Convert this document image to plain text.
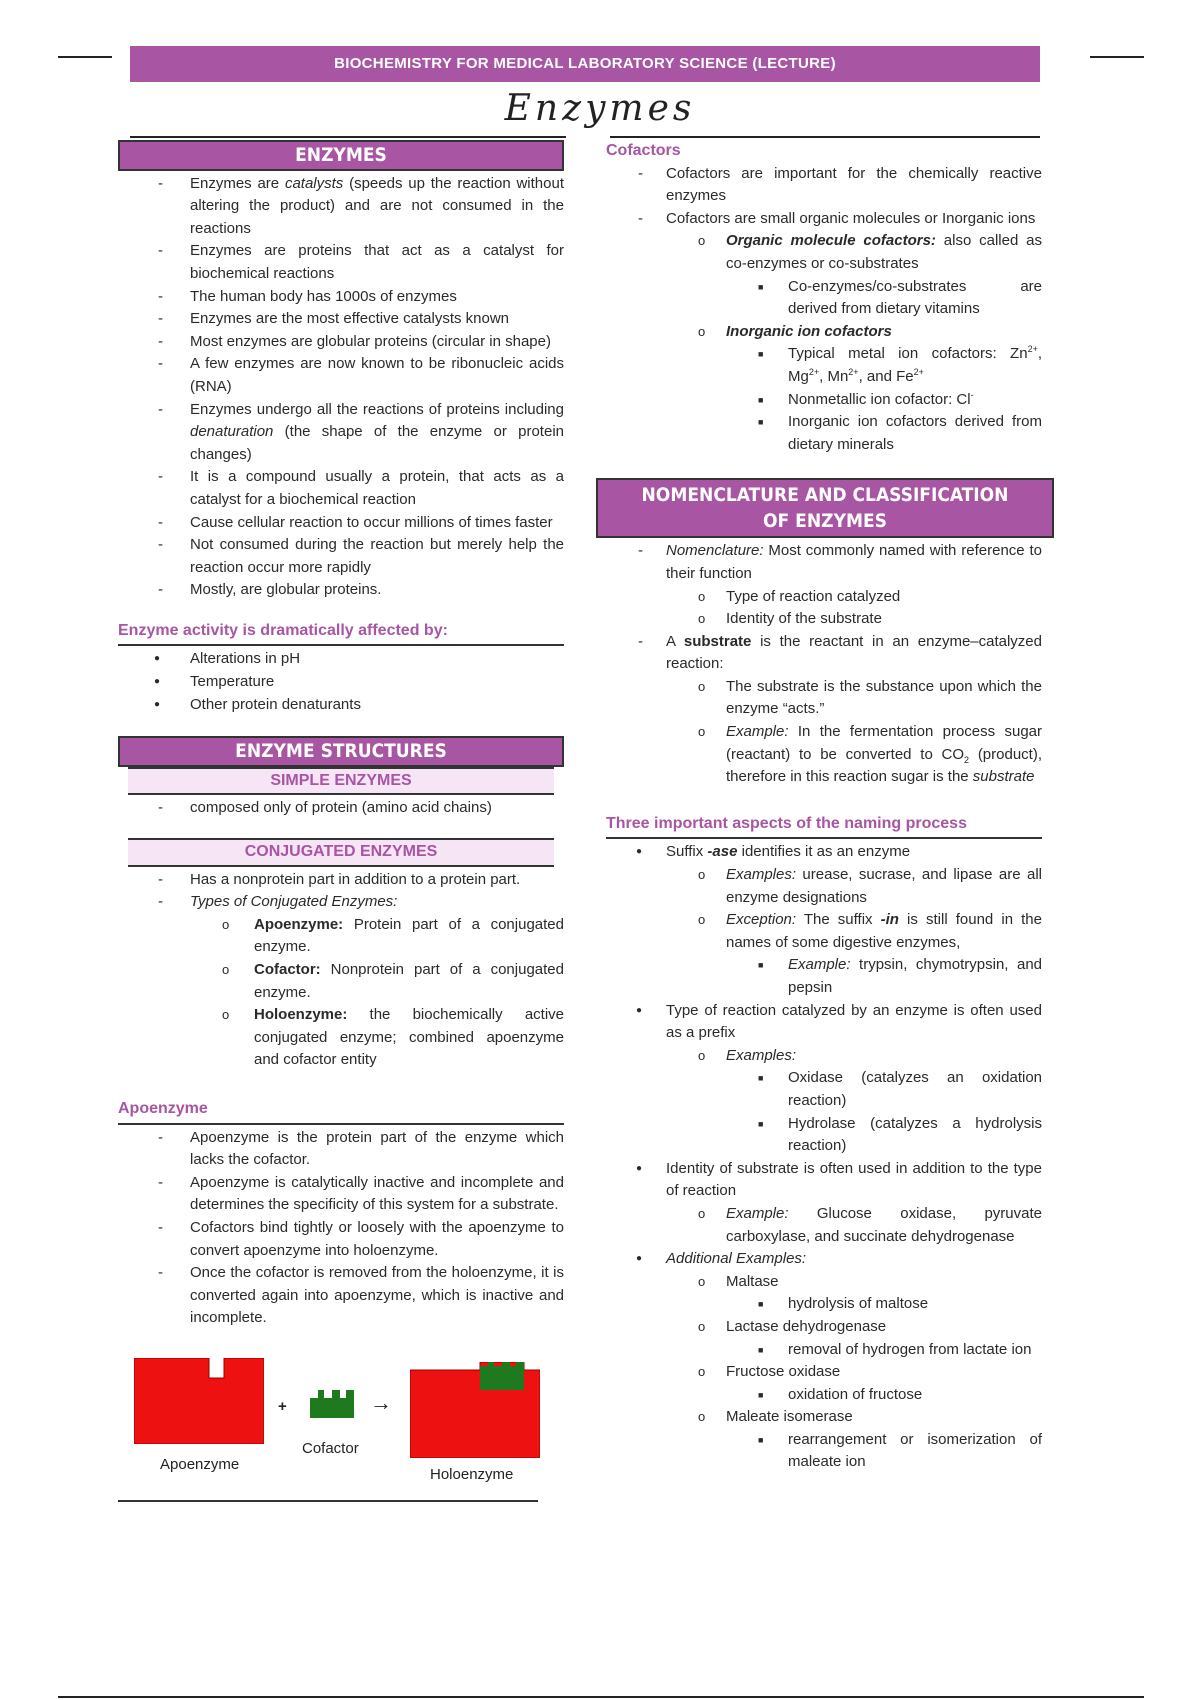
BIOCHEMISTRY FOR MEDICAL LABORATORY SCIENCE (LECTURE)
Enzymes
ENZYMES
- Enzymes are catalysts (speeds up the reaction without altering the product) and are not consumed in the reactions
- Enzymes are proteins that act as a catalyst for biochemical reactions
- The human body has 1000s of enzymes
- Enzymes are the most effective catalysts known
- Most enzymes are globular proteins (circular in shape)
- A few enzymes are now known to be ribonucleic acids (RNA)
- Enzymes undergo all the reactions of proteins including denaturation (the shape of the enzyme or protein changes)
- It is a compound usually a protein, that acts as a catalyst for a biochemical reaction
- Cause cellular reaction to occur millions of times faster
- Not consumed during the reaction but merely help the reaction occur more rapidly
- Mostly, are globular proteins.
Enzyme activity is dramatically affected by:
● Alterations in pH
● Temperature
● Other protein denaturants
ENZYME STRUCTURES
SIMPLE ENZYMES
- composed only of protein (amino acid chains)
CONJUGATED ENZYMES
- Has a nonprotein part in addition to a protein part.
- Types of Conjugated Enzymes:
o Apoenzyme: Protein part of a conjugated enzyme.
o Cofactor: Nonprotein part of a conjugated enzyme.
o Holoenzyme: the biochemically active conjugated enzyme; combined apoenzyme and cofactor entity
Apoenzyme
- Apoenzyme is the protein part of the enzyme which lacks the cofactor.
- Apoenzyme is catalytically inactive and incomplete and determines the specificity of this system for a substrate.
- Cofactors bind tightly or loosely with the apoenzyme to convert apoenzyme into holoenzyme.
- Once the cofactor is removed from the holoenzyme, it is converted again into apoenzyme, which is inactive and incomplete.
Apoenzyme
+	→
Cofactor
Holoenzyme
Cofactors
- Cofactors are important for the chemically reactive enzymes
- Cofactors are small organic molecules or Inorganic ions
o Organic molecule cofactors: also called as co-enzymes or co-substrates
■ Co-enzymes/co-substrates are derived from dietary vitamins
o Inorganic ion cofactors
■ Typical metal ion cofactors: $Zn^{2+}$, $Mg^{2+}$, $Mn^{2+}$, and $Fe^{2+}$
■ Nonmetallic ion cofactor: Cl-
■ Inorganic ion cofactors derived from dietary minerals
NOMENCLATURE AND CLASSIFICATION OF ENZYMES
- Nomenclature: Most commonly named with reference to their function
o Type of reaction catalyzed
o Identity of the substrate
- A substrate is the reactant in an enzyme–catalyzed reaction:
o The substrate is the substance upon which the enzyme “acts.”
o Example: In the fermentation process sugar (reactant) to be converted to $CO_2$ (product), therefore in this reaction sugar is the substrate
Three important aspects of the naming process
● Suffix -ase identifies it as an enzyme
o Examples: urease, sucrase, and lipase are all enzyme designations
o Exception: The suffix -in is still found in the names of some digestive enzymes,
■ Example: trypsin, chymotrypsin, and pepsin
● Type of reaction catalyzed by an enzyme is often used as a prefix
o Examples:
■ Oxidase (catalyzes an oxidation reaction)
■ Hydrolase (catalyzes a hydrolysis reaction)
● Identity of substrate is often used in addition to the type of reaction
o Example: Glucose oxidase, pyruvate carboxylase, and succinate dehydrogenase
● Additional Examples:
o Maltase
■ hydrolysis of maltose
o Lactase dehydrogenase
■ removal of hydrogen from lactate ion
o Fructose oxidase
■ oxidation of fructose
o Maleate isomerase
■ rearrangement or isomerization of maleate ion
